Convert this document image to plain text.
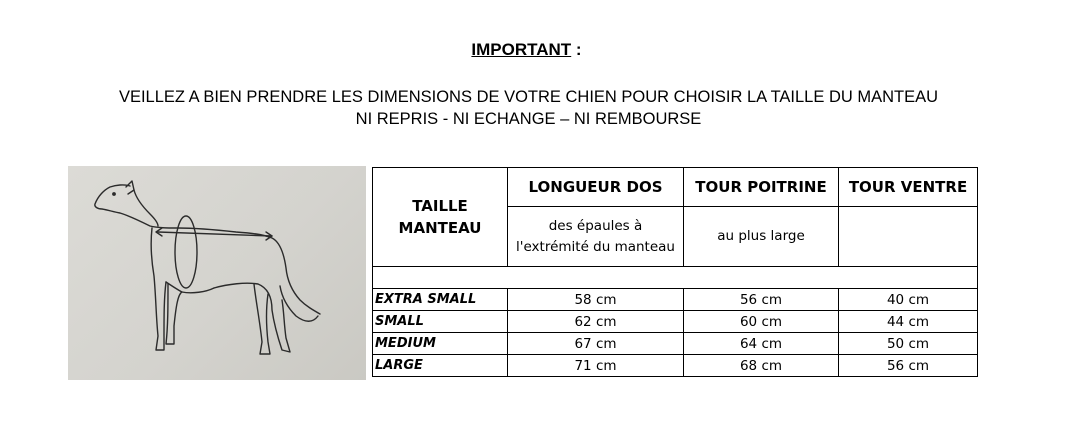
IMPORTANT :
VEILLEZ A BIEN PRENDRE LES DIMENSIONS DE VOTRE CHIEN POUR CHOISIR LA TAILLE DU MANTEAU
NI REPRIS - NI ECHANGE – NI REMBOURSE
TAILLE MANTEAU	LONGUEUR DOS	TOUR POITRINE	TOUR VENTRE
	des épaules à l'extrémité du manteau	au plus large	

EXTRA SMALL	58 cm	56 cm	40 cm
SMALL	62 cm	60 cm	44 cm
MEDIUM	67 cm	64 cm	50 cm
LARGE	71 cm	68 cm	56 cm
